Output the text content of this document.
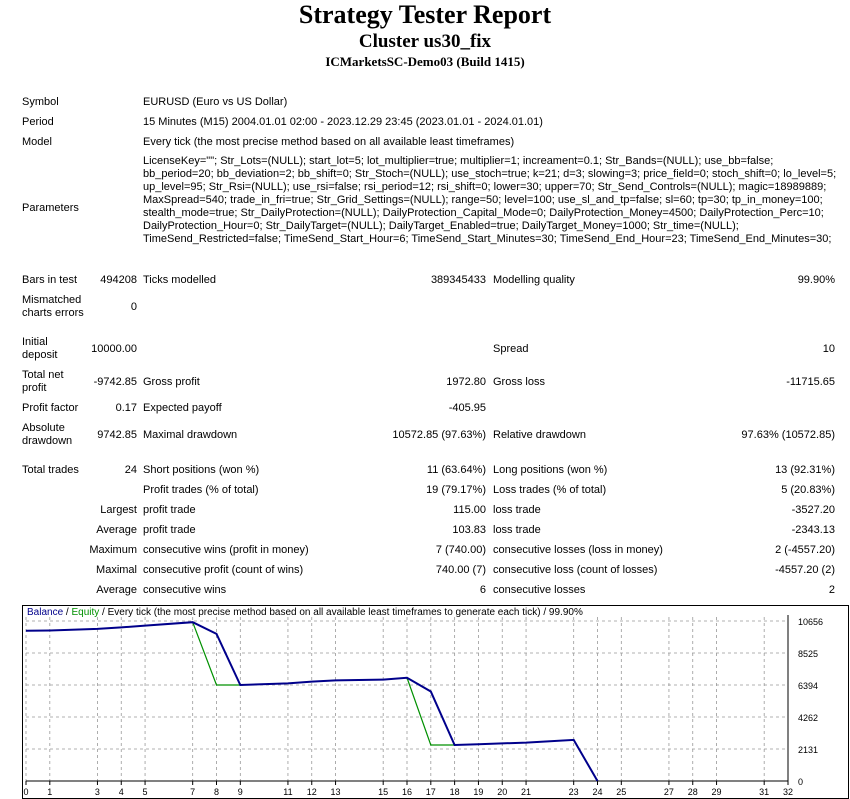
Strategy Tester Report
Cluster us30_fix
ICMarketsSC-Demo03 (Build 1415)
Symbol	EURUSD (Euro vs US Dollar)
Period	15 Minutes (M15) 2004.01.01 02:00 - 2023.12.29 23:45 (2023.01.01 - 2024.01.01)
Model	Every tick (the most precise method based on all available least timeframes)
Parameters
LicenseKey=""; Str_Lots=(NULL); start_lot=5; lot_multiplier=true; multiplier=1; increament=0.1; Str_Bands=(NULL); use_bb=false; bb_period=20; bb_deviation=2; bb_shift=0; Str_Stoch=(NULL); use_stoch=true; k=21; d=3; slowing=3; price_field=0; stoch_shift=0; lo_level=5; up_level=95; Str_Rsi=(NULL); use_rsi=false; rsi_period=12; rsi_shift=0; lower=30; upper=70; Str_Send_Controls=(NULL); magic=18989889; MaxSpread=540; trade_in_fri=true; Str_Grid_Settings=(NULL); range=50; level=100; use_sl_and_tp=false; sl=60; tp=30; tp_in_money=100; stealth_mode=true; Str_DailyProtection=(NULL); DailyProtection_Capital_Mode=0; DailyProtection_Money=4500; DailyProtection_Perc=10; DailyProtection_Hour=0; Str_DailyTarget=(NULL); DailyTarget_Enabled=true; DailyTarget_Money=1000; Str_time=(NULL); TimeSend_Restricted=false; TimeSend_Start_Hour=6; TimeSend_Start_Minutes=30; TimeSend_End_Hour=23; TimeSend_End_Minutes=30;
Bars in test	494208 Ticks modelled	389345433 Modelling quality	99.90%
Mismatched
charts errors	0
Initial
deposit	10000.00	Spread	10
Total net
profit	-9742.85 Gross profit	1972.80 Gross loss	-11715.65
Profit factor	0.17 Expected payoff	-405.95
Absolute
drawdown	9742.85 Maximal drawdown	10572.85 (97.63%) Relative drawdown	97.63% (10572.85)
Total trades	24 Short positions (won %)	11 (63.64%) Long positions (won %)	13 (92.31%)
Profit trades (% of total)	19 (79.17%) Loss trades (% of total)	5 (20.83%)
Largest profit trade	115.00 loss trade	-3527.20
Average profit trade	103.83 loss trade	-2343.13
Maximum consecutive wins (profit in money)	7 (740.00) consecutive losses (loss in money)	2 (-4557.20)
Maximal consecutive profit (count of wins)	740.00 (7) consecutive loss (count of losses)	-4557.20 (2)
Average consecutive wins	6 consecutive losses	2
0
2131
4262
6394
8525
10656
0 1	3 4 5	7 8 9	11 12 13	15 16 17 18 19 20 21	23 24 25	27 28 29	31 32
Balance / Equity / Every tick (the most precise method based on all available least timeframes to generate each tick) / 99.90%
